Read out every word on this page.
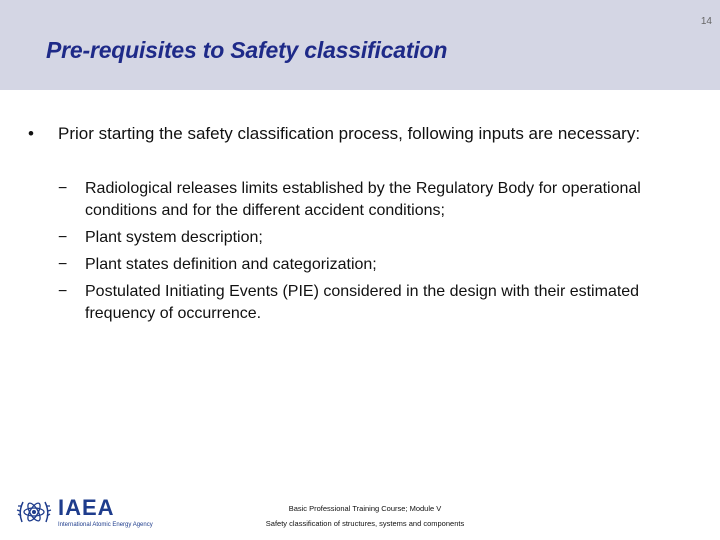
14
Pre-requisites to Safety classification
• Prior starting the safety classification process, following inputs are necessary:
− Radiological releases limits established by the Regulatory Body for operational conditions and for the different accident conditions;
− Plant system description;
− Plant states definition and categorization;
− Postulated Initiating Events (PIE) considered in the design with their estimated frequency of occurrence.
IAEA
International Atomic Energy Agency
Basic Professional Training Course; Module V
Safety classification of structures, systems and components
